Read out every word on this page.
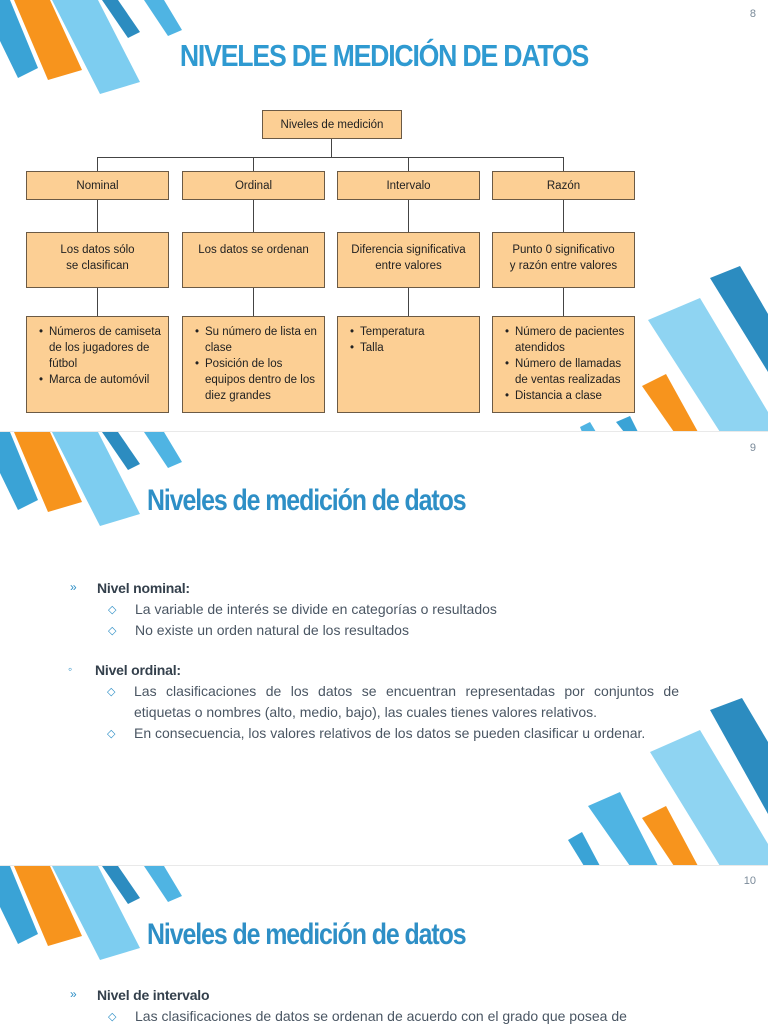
8
NIVELES DE MEDICIÓN DE DATOS
Niveles de medición
Nominal	Ordinal	Intervalo	Razón
Los datos sólo
se clasifican
Los datos se ordenan	Diferencia significativa
entre valores
Punto 0 significativo
y razón entre valores
• Números de camiseta de los jugadores de fútbol
• Marca de automóvil
• Su número de lista en clase
• Posición de los equipos dentro de los diez grandes
• Temperatura
• Talla
• Número de pacientes atendidos
• Número de llamadas de ventas realizadas
• Distancia a clase
9
Niveles de medición de datos
» Nivel nominal:
◇ La variable de interés se divide en categorías o resultados
◇ No existe un orden natural de los resultados
◦ Nivel ordinal:
◇ Las clasificaciones de los datos se encuentran representadas por conjuntos de etiquetas o nombres (alto, medio, bajo), las cuales tienes valores relativos.
◇ En consecuencia, los valores relativos de los datos se pueden clasificar u ordenar.
10
Niveles de medición de datos
» Nivel de intervalo
◇ Las clasificaciones de datos se ordenan de acuerdo con el grado que posea de
